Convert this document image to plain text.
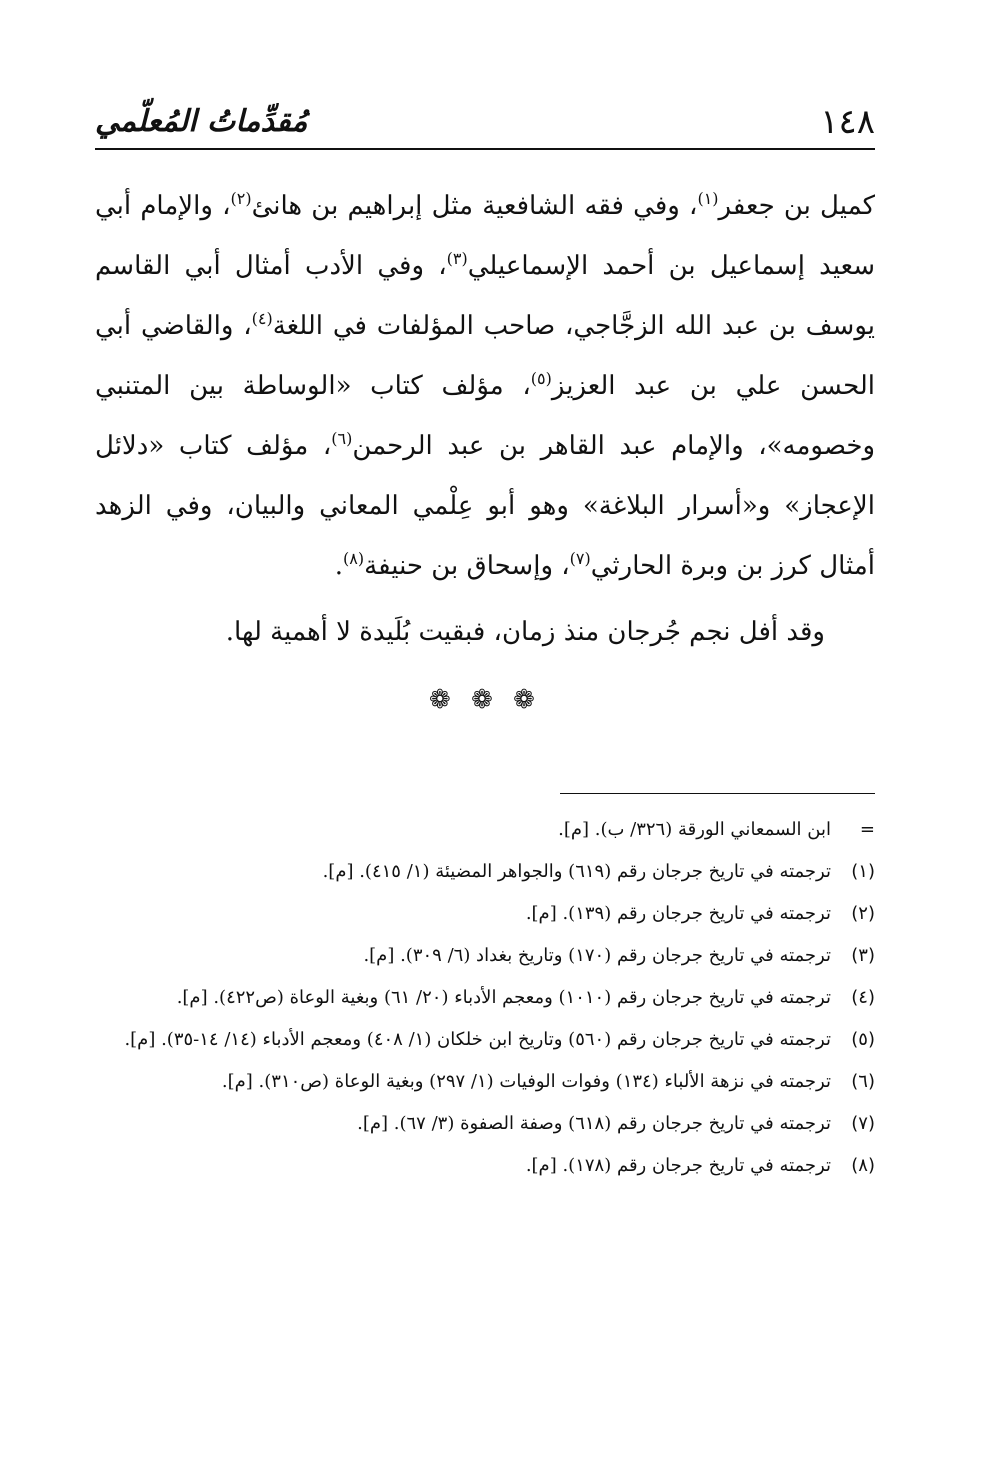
١٤٨
مُقدِّماتُ المُعلّمي

كميل بن جعفر$^{(١)}$، وفي فقه الشافعية مثل إبراهيم بن هانئ$^{(٢)}$، والإمام أبي سعيد إسماعيل بن أحمد الإسماعيلي$^{(٣)}$، وفي الأدب أمثال أبي القاسم يوسف بن عبد الله الزجَّاجي، صاحب المؤلفات في اللغة$^{(٤)}$، والقاضي أبي الحسن علي بن عبد العزيز$^{(٥)}$، مؤلف كتاب «الوساطة بين المتنبي وخصومه»، والإمام عبد القاهر بن عبد الرحمن$^{(٦)}$، مؤلف كتاب «دلائل الإعجاز» و«أسرار البلاغة» وهو أبو عِلْمي المعاني والبيان، وفي الزهد أمثال كرز بن وبرة الحارثي$^{(٧)}$، وإسحاق بن حنيفة$^{(٨)}$.

وقد أفل نجم جُرجان منذ زمان، فبقيت بُلَيدة لا أهمية لها.
❁ ❁ ❁
=
ابن السمعاني الورقة (٣٢٦/ ب). [م].
(١)
ترجمته في تاريخ جرجان رقم (٦١٩) والجواهر المضيئة (١/ ٤١٥). [م].
(٢)
ترجمته في تاريخ جرجان رقم (١٣٩). [م].
(٣)
ترجمته في تاريخ جرجان رقم (١٧٠) وتاريخ بغداد (٦/ ٣٠٩). [م].
(٤)
ترجمته في تاريخ جرجان رقم (١٠١٠) ومعجم الأدباء (٢٠/ ٦١) وبغية الوعاة (ص٤٢٢). [م].
(٥)
ترجمته في تاريخ جرجان رقم (٥٦٠) وتاريخ ابن خلكان (١/ ٤٠٨) ومعجم الأدباء (١٤/ ١٤-٣٥). [م].
(٦)
ترجمته في نزهة الألباء (١٣٤) وفوات الوفيات (١/ ٢٩٧) وبغية الوعاة (ص٣١٠). [م].
(٧)
ترجمته في تاريخ جرجان رقم (٦١٨) وصفة الصفوة (٣/ ٦٧). [م].
(٨)
ترجمته في تاريخ جرجان رقم (١٧٨). [م].
